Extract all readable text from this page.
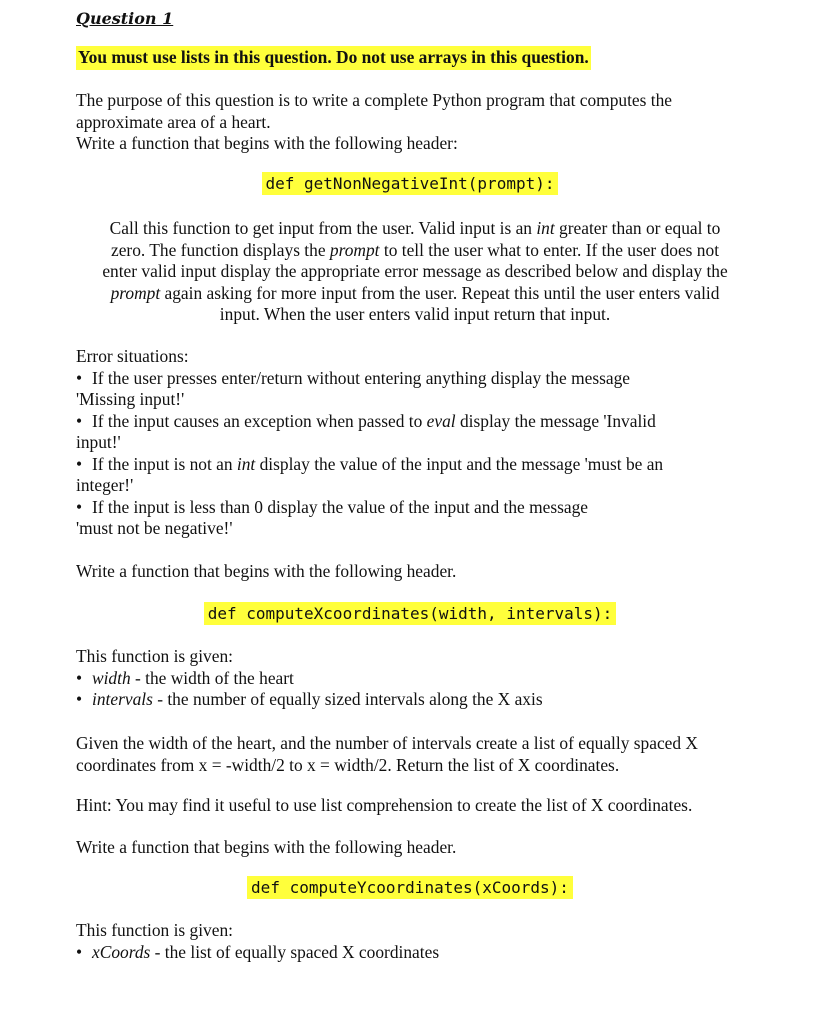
Question 1
You must use lists in this question. Do not use arrays in this question.
The purpose of this question is to write a complete Python program that computes the
approximate area of a heart.
Write a function that begins with the following header:
def getNonNegativeInt(prompt):
Call this function to get input from the user. Valid input is an int greater than or equal to
zero. The function displays the prompt to tell the user what to enter. If the user does not
enter valid input display the appropriate error message as described below and display the
prompt again asking for more input from the user. Repeat this until the user enters valid
input. When the user enters valid input return that input.
Error situations:
• If the user presses enter/return without entering anything display the message
'Missing input!'
• If the input causes an exception when passed to eval display the message 'Invalid
input!'
• If the input is not an int display the value of the input and the message 'must be an
integer!'
• If the input is less than 0 display the value of the input and the message
'must not be negative!'
Write a function that begins with the following header.
def computeXcoordinates(width, intervals):
This function is given:
• width - the width of the heart
• intervals - the number of equally sized intervals along the X axis
Given the width of the heart, and the number of intervals create a list of equally spaced X
coordinates from x = -width/2 to x = width/2. Return the list of X coordinates.
Hint: You may find it useful to use list comprehension to create the list of X coordinates.
Write a function that begins with the following header.
def computeYcoordinates(xCoords):
This function is given:
• xCoords - the list of equally spaced X coordinates
